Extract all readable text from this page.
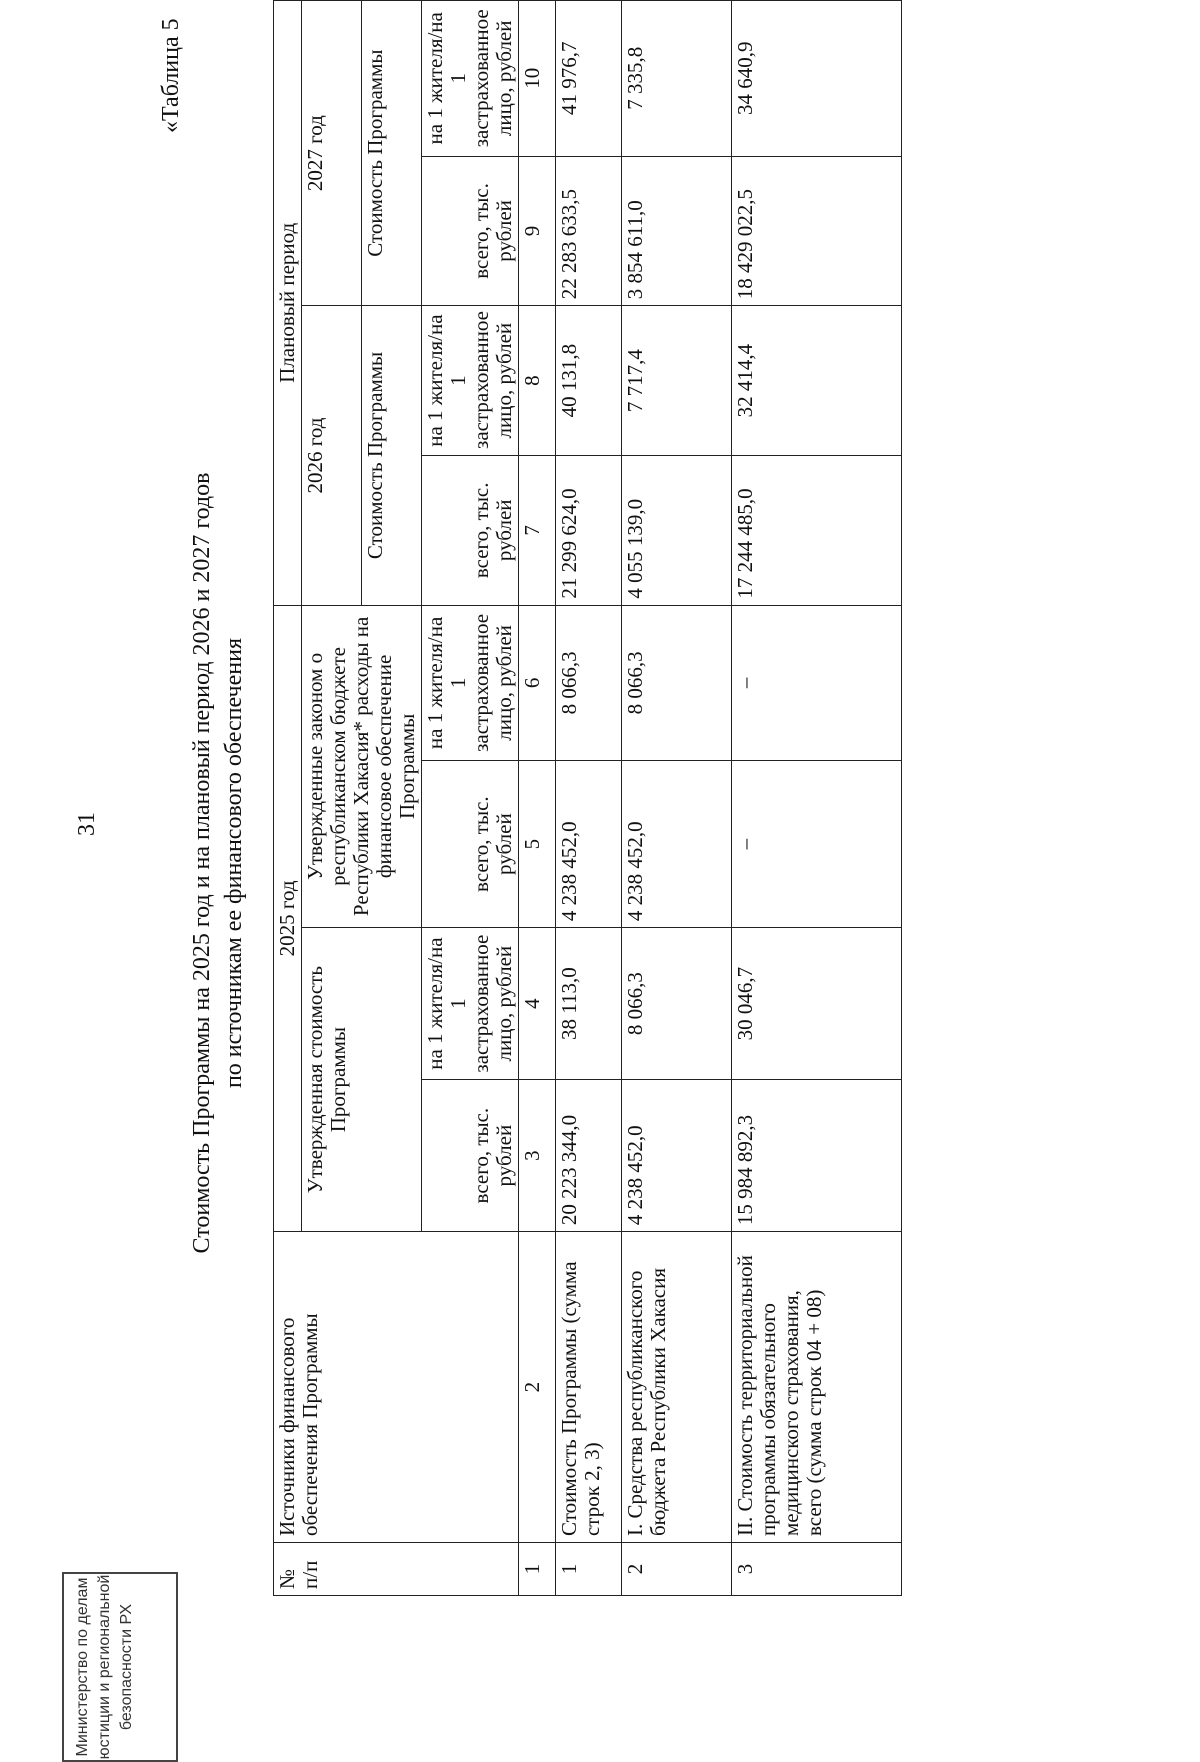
31
«Таблица 5
Стоимость Программы на 2025 год и на плановый период 2026 и 2027 годов по источникам ее финансового обеспечения
№ п/п	Источники финансового обеспечения Программы	2025 год				Плановый период			
		Утвержденная стоимость Программы		Утвержденные законом о республиканском бюджете Республики Хакасия* расходы на финансовое обеспечение Программы		2026 год		2027 год	
						Стоимость Программы		Стоимость Программы	
		всего, тыс. рублей	на 1 жителя/на 1 застрахованное лицо, рублей	всего, тыс. рублей	на 1 жителя/на 1 застрахованное лицо, рублей	всего, тыс. рублей	на 1 жителя/на 1 застрахованное лицо, рублей	всего, тыс. рублей	на 1 жителя/на 1 застрахованное лицо, рублей
1	2	3	4	5	6	7	8	9	10
1	Стоимость Программы (сумма строк 2, 3)	20 223 344,0	38 113,0	4 238 452,0	8 066,3	21 299 624,0	40 131,8	22 283 633,5	41 976,7
2	I. Средства республиканского бюджета Республики Хакасия	4 238 452,0	8 066,3	4 238 452,0	8 066,3	4 055 139,0	7 717,4	3 854 611,0	7 335,8
3	II. Стоимость территориальной программы обязательного медицинского страхования, всего (сумма строк 04 + 08)	15 984 892,3	30 046,7	–	–	17 244 485,0	32 414,4	18 429 022,5	34 640,9
Министерство по делам юстиции и региональной безопасности РХ
